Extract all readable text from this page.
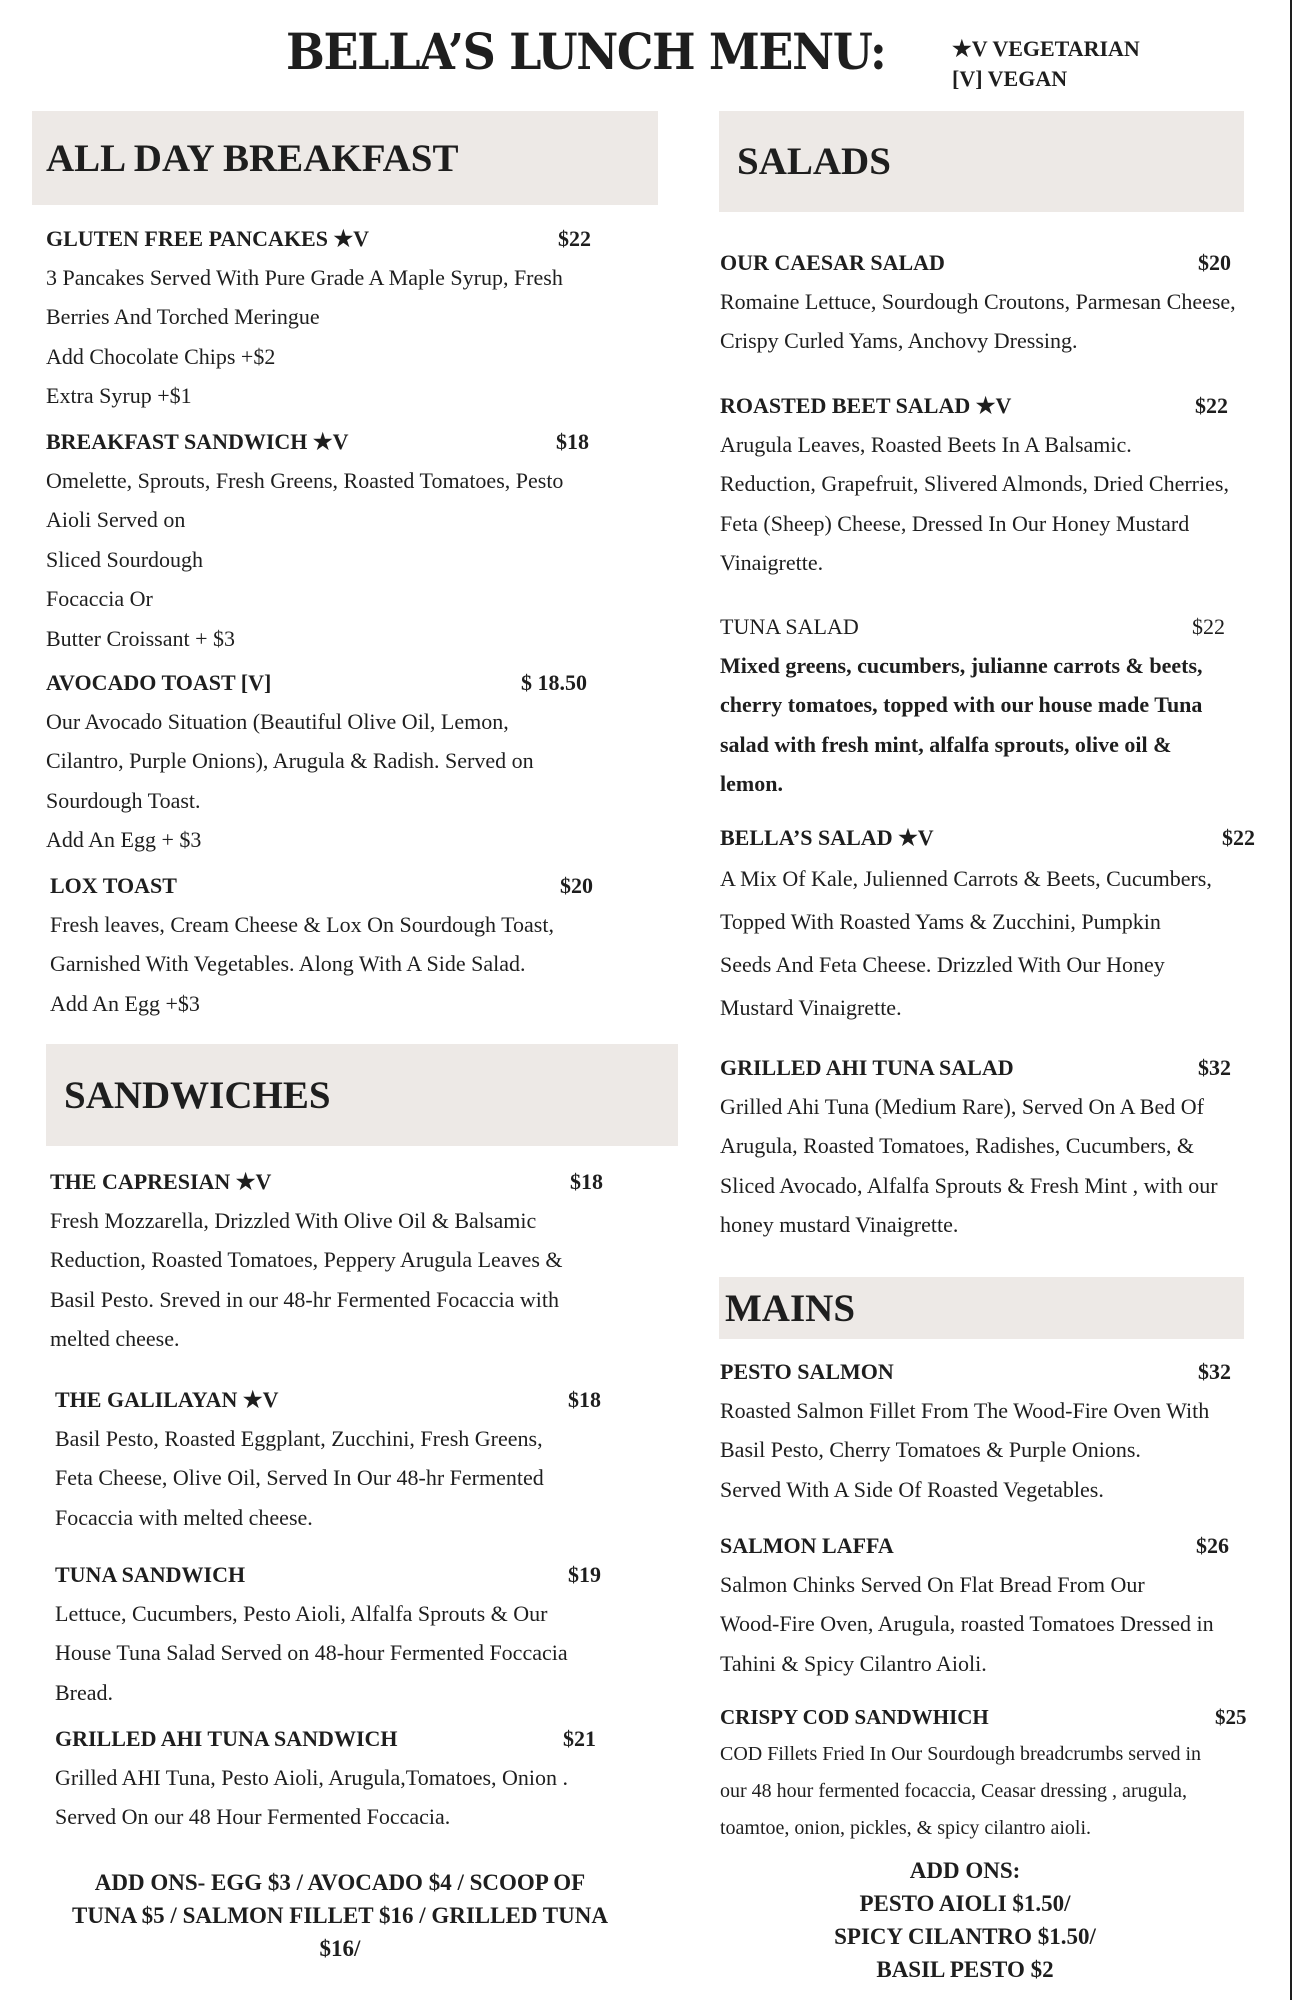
BELLA’S LUNCH MENU:	★V VEGETARIAN
[V] VEGAN
ALL DAY BREAKFAST
GLUTEN FREE PANCAKES ★V	$22
3 Pancakes Served With Pure Grade A Maple Syrup, Fresh
Berries And Torched Meringue
Add Chocolate Chips +$2
Extra Syrup +$1
BREAKFAST SANDWICH ★V	$18
Omelette, Sprouts, Fresh Greens, Roasted Tomatoes, Pesto
Aioli Served on
Sliced Sourdough
Focaccia Or
Butter Croissant + $3
AVOCADO TOAST [V]	$ 18.50
Our Avocado Situation (Beautiful Olive Oil, Lemon,
Cilantro, Purple Onions), Arugula & Radish. Served on
Sourdough Toast.
Add An Egg + $3
LOX TOAST	$20
Fresh leaves, Cream Cheese & Lox On Sourdough Toast,
Garnished With Vegetables. Along With A Side Salad.
Add An Egg +$3
SANDWICHES
THE CAPRESIAN ★V	$18
Fresh Mozzarella, Drizzled With Olive Oil & Balsamic
Reduction, Roasted Tomatoes, Peppery Arugula Leaves &
Basil Pesto. Sreved in our 48-hr Fermented Focaccia with
melted cheese.
THE GALILAYAN ★V	$18
Basil Pesto, Roasted Eggplant, Zucchini, Fresh Greens,
Feta Cheese, Olive Oil, Served In Our 48-hr Fermented
Focaccia with melted cheese.
TUNA SANDWICH	$19
Lettuce, Cucumbers, Pesto Aioli, Alfalfa Sprouts & Our
House Tuna Salad Served on 48-hour Fermented Foccacia
Bread.
GRILLED AHI TUNA SANDWICH	$21
Grilled AHI Tuna, Pesto Aioli, Arugula,Tomatoes, Onion .
Served On our 48 Hour Fermented Foccacia.
ADD ONS- EGG $3 / AVOCADO $4 / SCOOP OF
TUNA $5 / SALMON FILLET $16 / GRILLED TUNA
$16/
SALADS
OUR CAESAR SALAD	$20
Romaine Lettuce, Sourdough Croutons, Parmesan Cheese,
Crispy Curled Yams, Anchovy Dressing.
ROASTED BEET SALAD ★V	$22
Arugula Leaves, Roasted Beets In A Balsamic.
Reduction, Grapefruit, Slivered Almonds, Dried Cherries,
Feta (Sheep) Cheese, Dressed In Our Honey Mustard
Vinaigrette.
TUNA SALAD	$22
Mixed greens, cucumbers, julianne carrots & beets,
cherry tomatoes, topped with our house made Tuna
salad with fresh mint, alfalfa sprouts, olive oil &
lemon.
BELLA’S SALAD ★V	$22
A Mix Of Kale, Julienned Carrots & Beets, Cucumbers,
Topped With Roasted Yams & Zucchini, Pumpkin
Seeds And Feta Cheese. Drizzled With Our Honey
Mustard Vinaigrette.
GRILLED AHI TUNA SALAD	$32
Grilled Ahi Tuna (Medium Rare), Served On A Bed Of
Arugula, Roasted Tomatoes, Radishes, Cucumbers, &
Sliced Avocado, Alfalfa Sprouts & Fresh Mint , with our
honey mustard Vinaigrette.
MAINS
PESTO SALMON	$32
Roasted Salmon Fillet From The Wood-Fire Oven With
Basil Pesto, Cherry Tomatoes & Purple Onions.
Served With A Side Of Roasted Vegetables.
SALMON LAFFA	$26
Salmon Chinks Served On Flat Bread From Our
Wood-Fire Oven, Arugula, roasted Tomatoes Dressed in
Tahini & Spicy Cilantro Aioli.
CRISPY COD SANDWHICH	$25
COD Fillets Fried In Our Sourdough breadcrumbs served in
our 48 hour fermented focaccia, Ceasar dressing , arugula,
toamtoe, onion, pickles, & spicy cilantro aioli.
ADD ONS:
PESTO AIOLI $1.50/
SPICY CILANTRO $1.50/
BASIL PESTO $2
